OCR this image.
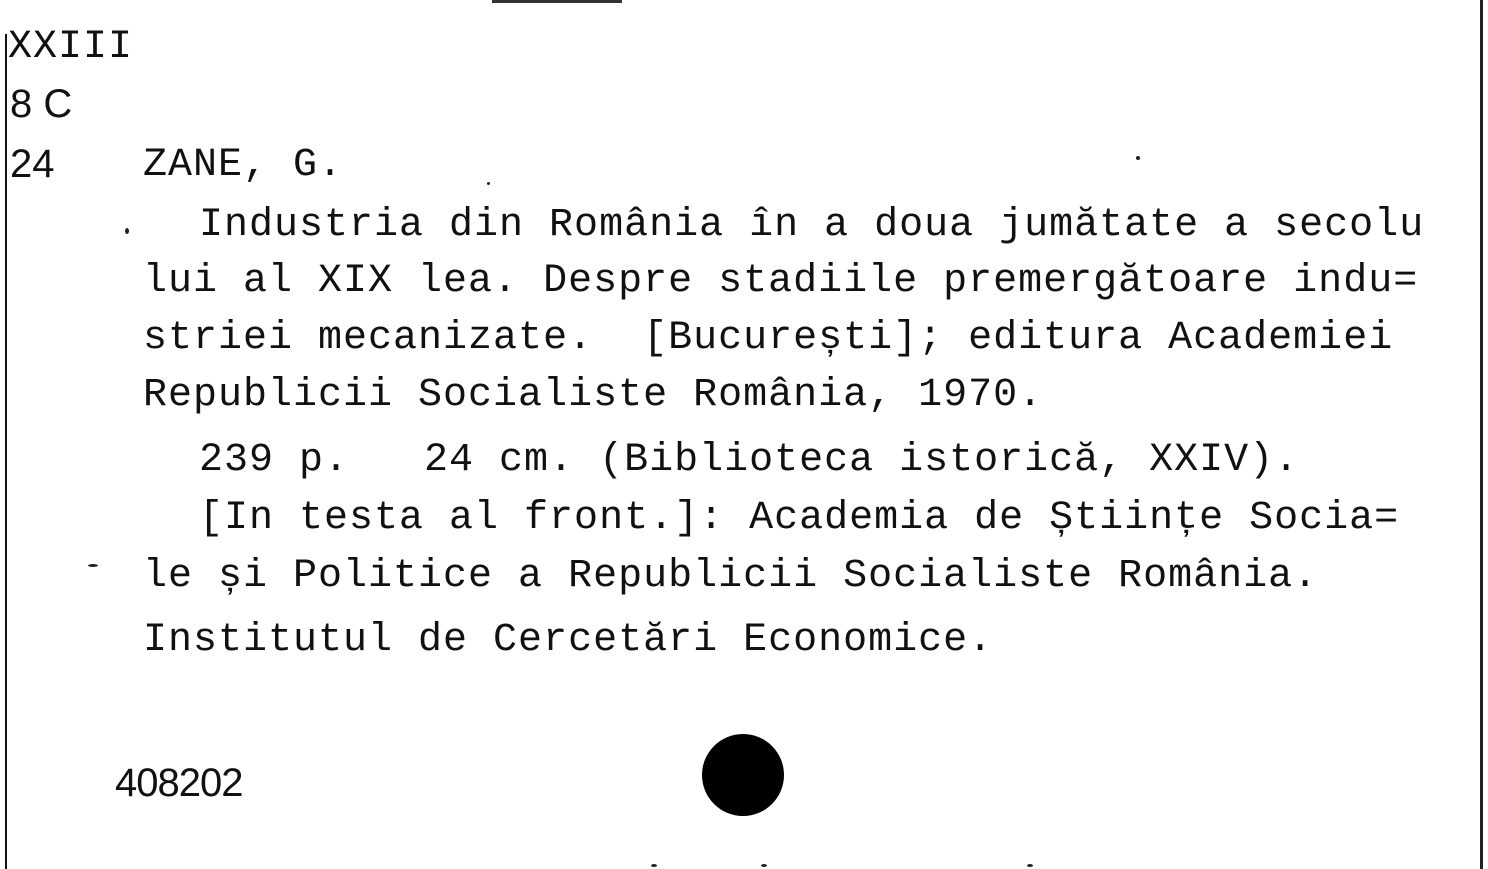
XXIII
8 C
24 ZANE, G.
Industria din România în a doua jumătate a secolu
lui al XIX lea. Despre stadiile premergătoare indu=
striei mecanizate.  [București]; editura Academiei
Republicii Socialiste România, 1970.
239 p.   24 cm. (Biblioteca istorică, XXIV).
[In testa al front.]: Academia de Științe Socia=
le și Politice a Republicii Socialiste România.
Institutul de Cercetări Economice.
408202
